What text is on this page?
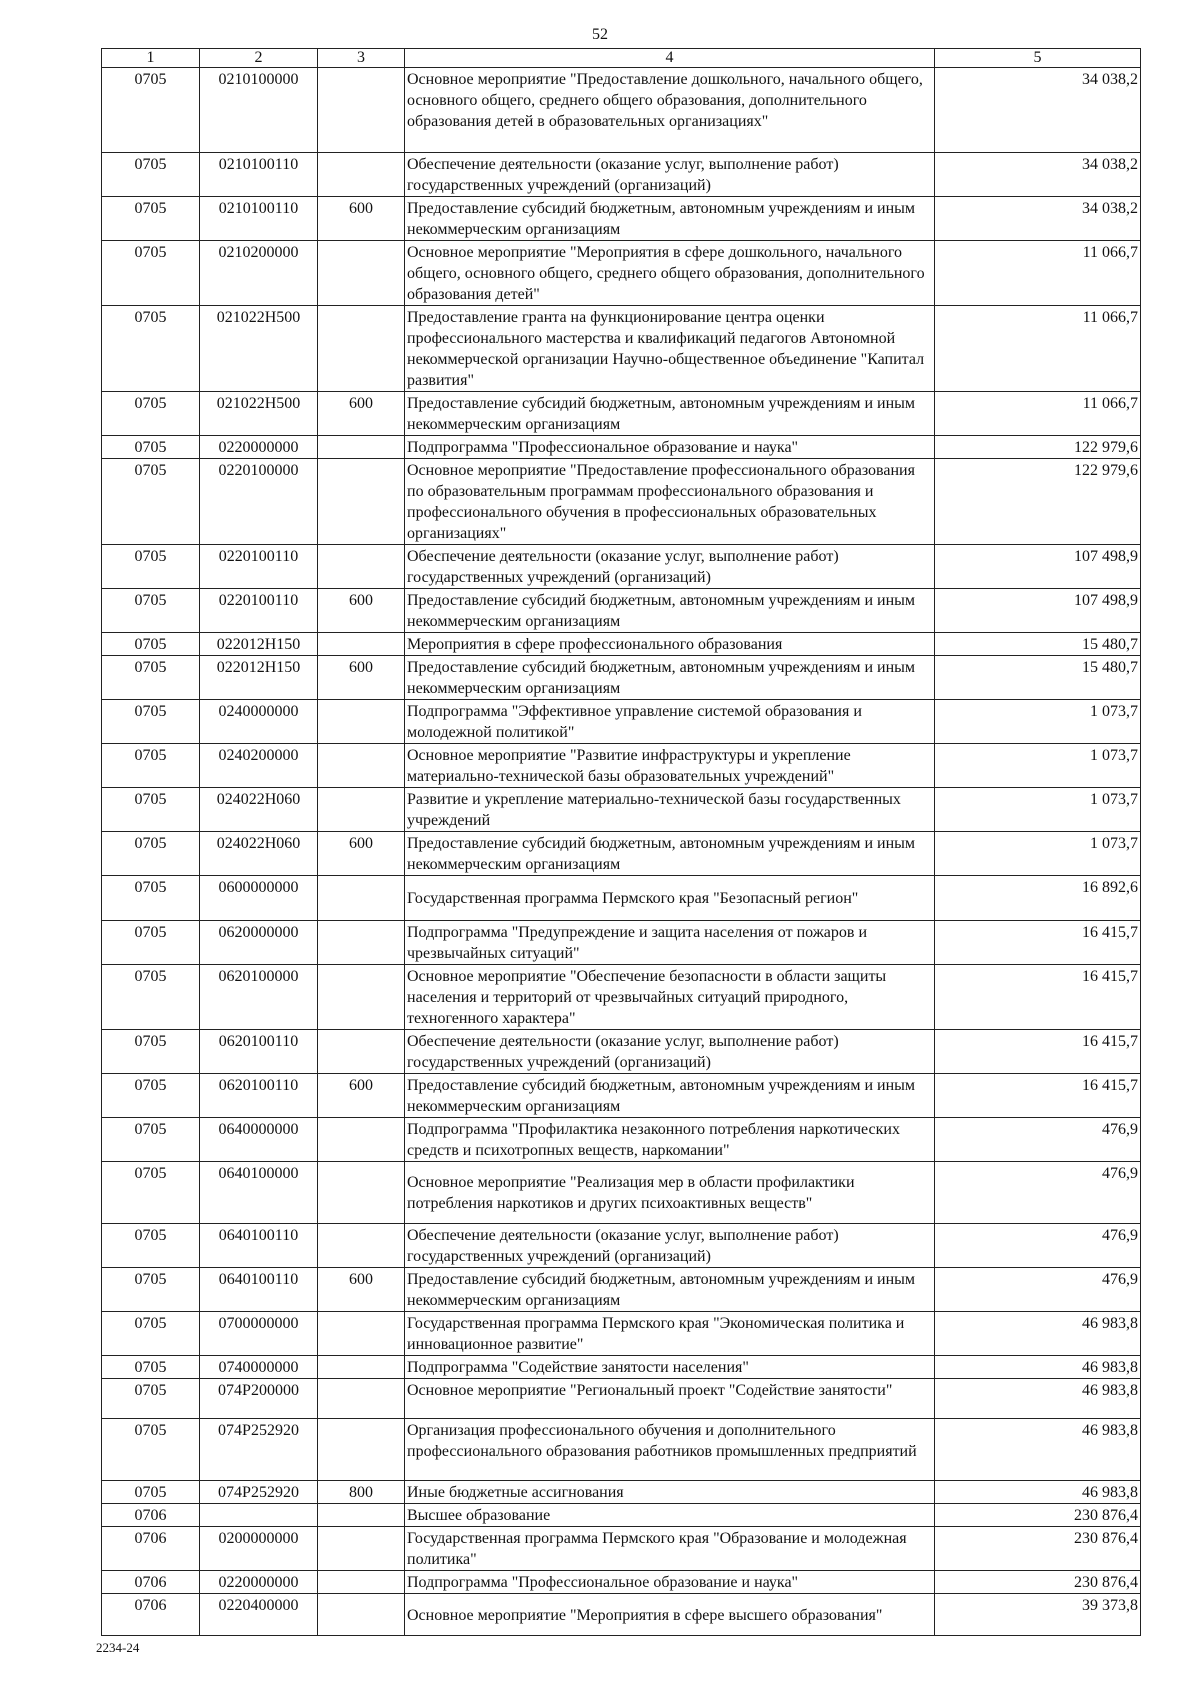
52
1	2	3	4	5
0705	0210100000		Основное мероприятие "Предоставление дошкольного, начального общего, основного общего, среднего общего образования, дополнительного образования детей в образовательных организациях"	34 038,2
0705	0210100110		Обеспечение деятельности (оказание услуг, выполнение работ) государственных учреждений (организаций)	34 038,2
0705	0210100110	600	Предоставление субсидий бюджетным, автономным учреждениям и иным некоммерческим организациям	34 038,2
0705	0210200000		Основное мероприятие "Мероприятия в сфере дошкольного, начального общего, основного общего, среднего общего образования, дополнительного образования детей"	11 066,7
0705	021022H500		Предоставление гранта на функционирование центра оценки профессионального мастерства и квалификаций педагогов Автономной некоммерческой организации Научно-общественное объединение "Капитал развития"	11 066,7
0705	021022H500	600	Предоставление субсидий бюджетным, автономным учреждениям и иным некоммерческим организациям	11 066,7
0705	0220000000		Подпрограмма "Профессиональное образование и наука"	122 979,6
0705	0220100000		Основное мероприятие "Предоставление профессионального образования по образовательным программам профессионального образования и профессионального обучения в профессиональных образовательных организациях"	122 979,6
0705	0220100110		Обеспечение деятельности (оказание услуг, выполнение работ) государственных учреждений (организаций)	107 498,9
0705	0220100110	600	Предоставление субсидий бюджетным, автономным учреждениям и иным некоммерческим организациям	107 498,9
0705	022012H150		Мероприятия в сфере профессионального образования	15 480,7
0705	022012H150	600	Предоставление субсидий бюджетным, автономным учреждениям и иным некоммерческим организациям	15 480,7
0705	0240000000		Подпрограмма "Эффективное управление системой образования и молодежной политикой"	1 073,7
0705	0240200000		Основное мероприятие "Развитие инфраструктуры и укрепление материально-технической базы образовательных учреждений"	1 073,7
0705	024022H060		Развитие и укрепление материально-технической базы государственных учреждений	1 073,7
0705	024022H060	600	Предоставление субсидий бюджетным, автономным учреждениям и иным некоммерческим организациям	1 073,7
0705	0600000000		Государственная программа Пермского края "Безопасный регион"	16 892,6
0705	0620000000		Подпрограмма "Предупреждение и защита населения от пожаров и чрезвычайных ситуаций"	16 415,7
0705	0620100000		Основное мероприятие "Обеспечение безопасности в области защиты населения и территорий от чрезвычайных ситуаций природного, техногенного характера"	16 415,7
0705	0620100110		Обеспечение деятельности (оказание услуг, выполнение работ) государственных учреждений (организаций)	16 415,7
0705	0620100110	600	Предоставление субсидий бюджетным, автономным учреждениям и иным некоммерческим организациям	16 415,7
0705	0640000000		Подпрограмма "Профилактика незаконного потребления наркотических средств и психотропных веществ, наркомании"	476,9
0705	0640100000		Основное мероприятие "Реализация мер в области профилактики потребления наркотиков и других психоактивных веществ"	476,9
0705	0640100110		Обеспечение деятельности (оказание услуг, выполнение работ) государственных учреждений (организаций)	476,9
0705	0640100110	600	Предоставление субсидий бюджетным, автономным учреждениям и иным некоммерческим организациям	476,9
0705	0700000000		Государственная программа Пермского края "Экономическая политика и инновационное развитие"	46 983,8
0705	0740000000		Подпрограмма "Содействие занятости населения"	46 983,8
0705	074P200000		Основное мероприятие "Региональный проект "Содействие занятости"	46 983,8
0705	074P252920		Организация профессионального обучения и дополнительного профессионального образования работников промышленных предприятий	46 983,8
0705	074P252920	800	Иные бюджетные ассигнования	46 983,8
0706			Высшее образование	230 876,4
0706	0200000000		Государственная программа Пермского края "Образование и молодежная политика"	230 876,4
0706	0220000000		Подпрограмма "Профессиональное образование и наука"	230 876,4
0706	0220400000		Основное мероприятие "Мероприятия в сфере высшего образования"	39 373,8
2234-24
